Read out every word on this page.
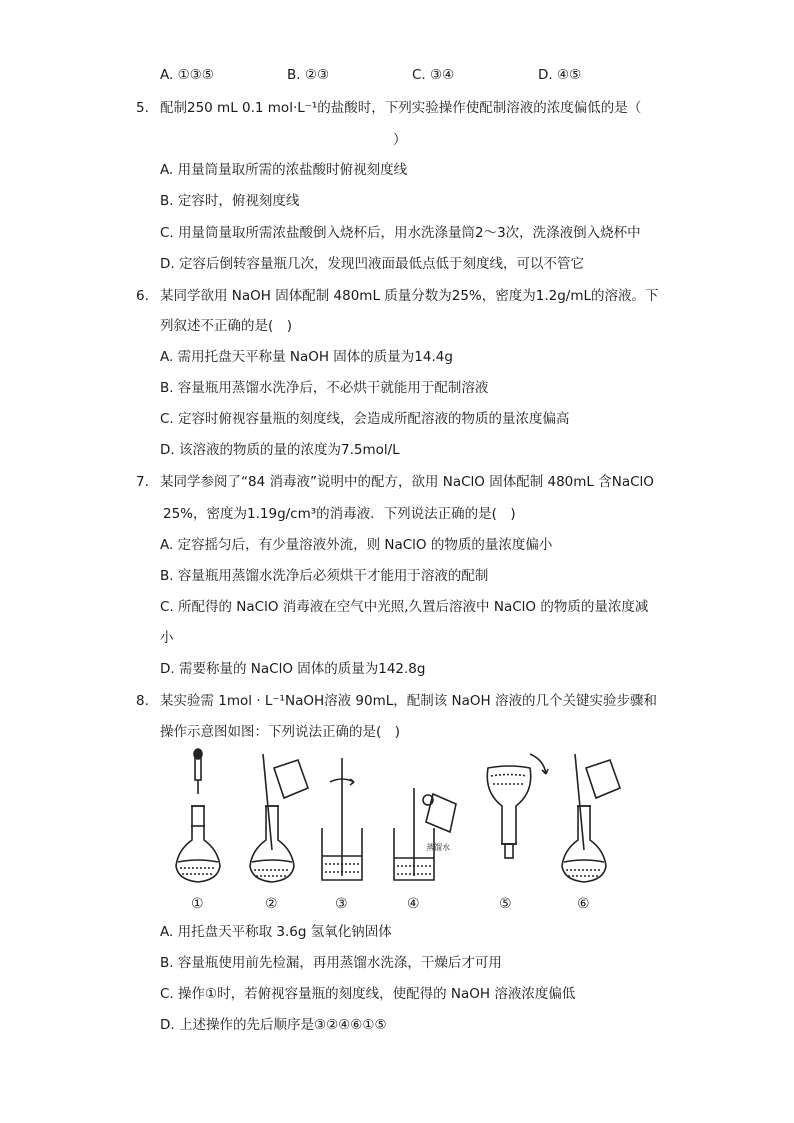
A. ①③⑤	B. ②③	C. ③④	D. ④⑤
5. 配制250 mL 0.1 mol·L⁻¹的盐酸时，下列实验操作使配制溶液的浓度偏低的是（
）
A. 用量筒量取所需的浓盐酸时俯视刻度线
B. 定容时，俯视刻度线
C. 用量筒量取所需浓盐酸倒入烧杯后，用水洗涤量筒2～3次，洗涤液倒入烧杯中
D. 定容后倒转容量瓶几次，发现凹液面最低点低于刻度线，可以不管它
6. 某同学欲用 NaOH 固体配制 480mL 质量分数为25%，密度为1.2g/mL的溶液。下
列叙述不正确的是(　)
A. 需用托盘天平称量 NaOH 固体的质量为14.4g
B. 容量瓶用蒸馏水洗净后，不必烘干就能用于配制溶液
C. 定容时俯视容量瓶的刻度线，会造成所配溶液的物质的量浓度偏高
D. 该溶液的物质的量的浓度为7.5mol/L
7. 某同学参阅了“84 消毒液”说明中的配方，欲用 NaClO 固体配制 480mL 含NaClO
25%，密度为1.19g/cm³的消毒液．下列说法正确的是(　)
A. 定容摇匀后，有少量溶液外流，则 NaClO 的物质的量浓度偏小
B. 容量瓶用蒸馏水洗净后必须烘干才能用于溶液的配制
C. 所配得的 NaClO 消毒液在空气中光照,久置后溶液中 NaClO 的物质的量浓度减
小
D. 需要称量的 NaClO 固体的质量为142.8g
8. 某实验需 1mol · L⁻¹NaOH溶液 90mL，配制该 NaOH 溶液的几个关键实验步骤和
操作示意图如图：下列说法正确的是(　)
蒸馏水
①	②	③	④	⑤	⑥
A. 用托盘天平称取 3.6g 氢氧化钠固体
B. 容量瓶使用前先检漏，再用蒸馏水洗涤，干燥后才可用
C. 操作①时，若俯视容量瓶的刻度线，使配得的 NaOH 溶液浓度偏低
D. 上述操作的先后顺序是③②④⑥①⑤
